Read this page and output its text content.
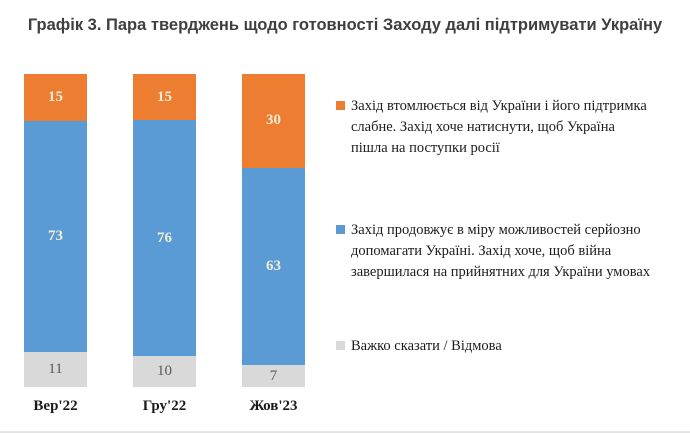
Графік 3. Пара тверджень щодо готовності Заходу далі підтримувати Україну
15
73
11
Вер'22
15
76
10
Гру'22
30
63
7
Жов'23
Захід втомлюється від України і його підтримка слабне. Захід хоче натиснути, щоб Україна пішла на поступки росії
Захід продовжує в міру можливостей серйозно допомагати Україні. Захід хоче, щоб війна завершилася на прийнятних для України умовах
Важко сказати / Відмова
